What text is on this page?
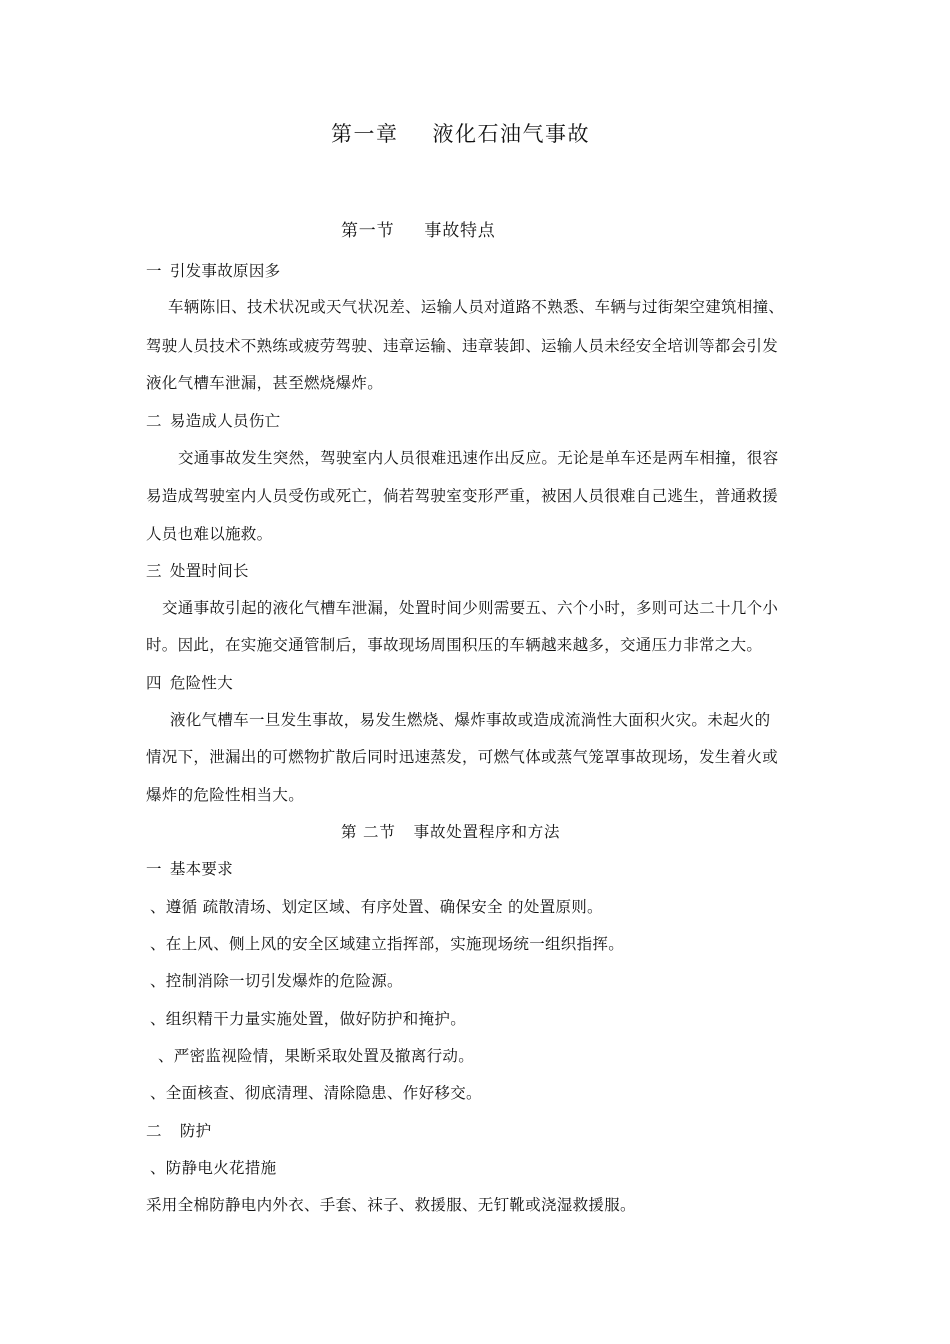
第一章 液化石油气事故
第一节 事故特点
一 引发事故原因多
车辆陈旧、技术状况或天气状况差、运输人员对道路不熟悉、车辆与过街架空建筑相撞、
驾驶人员技术不熟练或疲劳驾驶、违章运输、违章装卸、运输人员未经安全培训等都会引发
液化气槽车泄漏，甚至燃烧爆炸。
二 易造成人员伤亡
交通事故发生突然，驾驶室内人员很难迅速作出反应。无论是单车还是两车相撞，很容
易造成驾驶室内人员受伤或死亡，倘若驾驶室变形严重，被困人员很难自己逃生，普通救援
人员也难以施救。
三 处置时间长
交通事故引起的液化气槽车泄漏，处置时间少则需要五、六个小时，多则可达二十几个小
时。因此，在实施交通管制后，事故现场周围积压的车辆越来越多，交通压力非常之大。
四 危险性大
液化气槽车一旦发生事故，易发生燃烧、爆炸事故或造成流淌性大面积火灾。未起火的
情况下，泄漏出的可燃物扩散后同时迅速蒸发，可燃气体或蒸气笼罩事故现场，发生着火或
爆炸的危险性相当大。
第 二节 事故处置程序和方法
一 基本要求
、遵循 疏散清场、划定区域、有序处置、确保安全 的处置原则。
、在上风、侧上风的安全区域建立指挥部，实施现场统一组织指挥。
、控制消除一切引发爆炸的危险源。
、组织精干力量实施处置，做好防护和掩护。
、严密监视险情，果断采取处置及撤离行动。
、全面核查、彻底清理、清除隐患、作好移交。
二 防护
、防静电火花措施
采用全棉防静电内外衣、手套、袜子、救援服、无钉靴或浇湿救援服。
